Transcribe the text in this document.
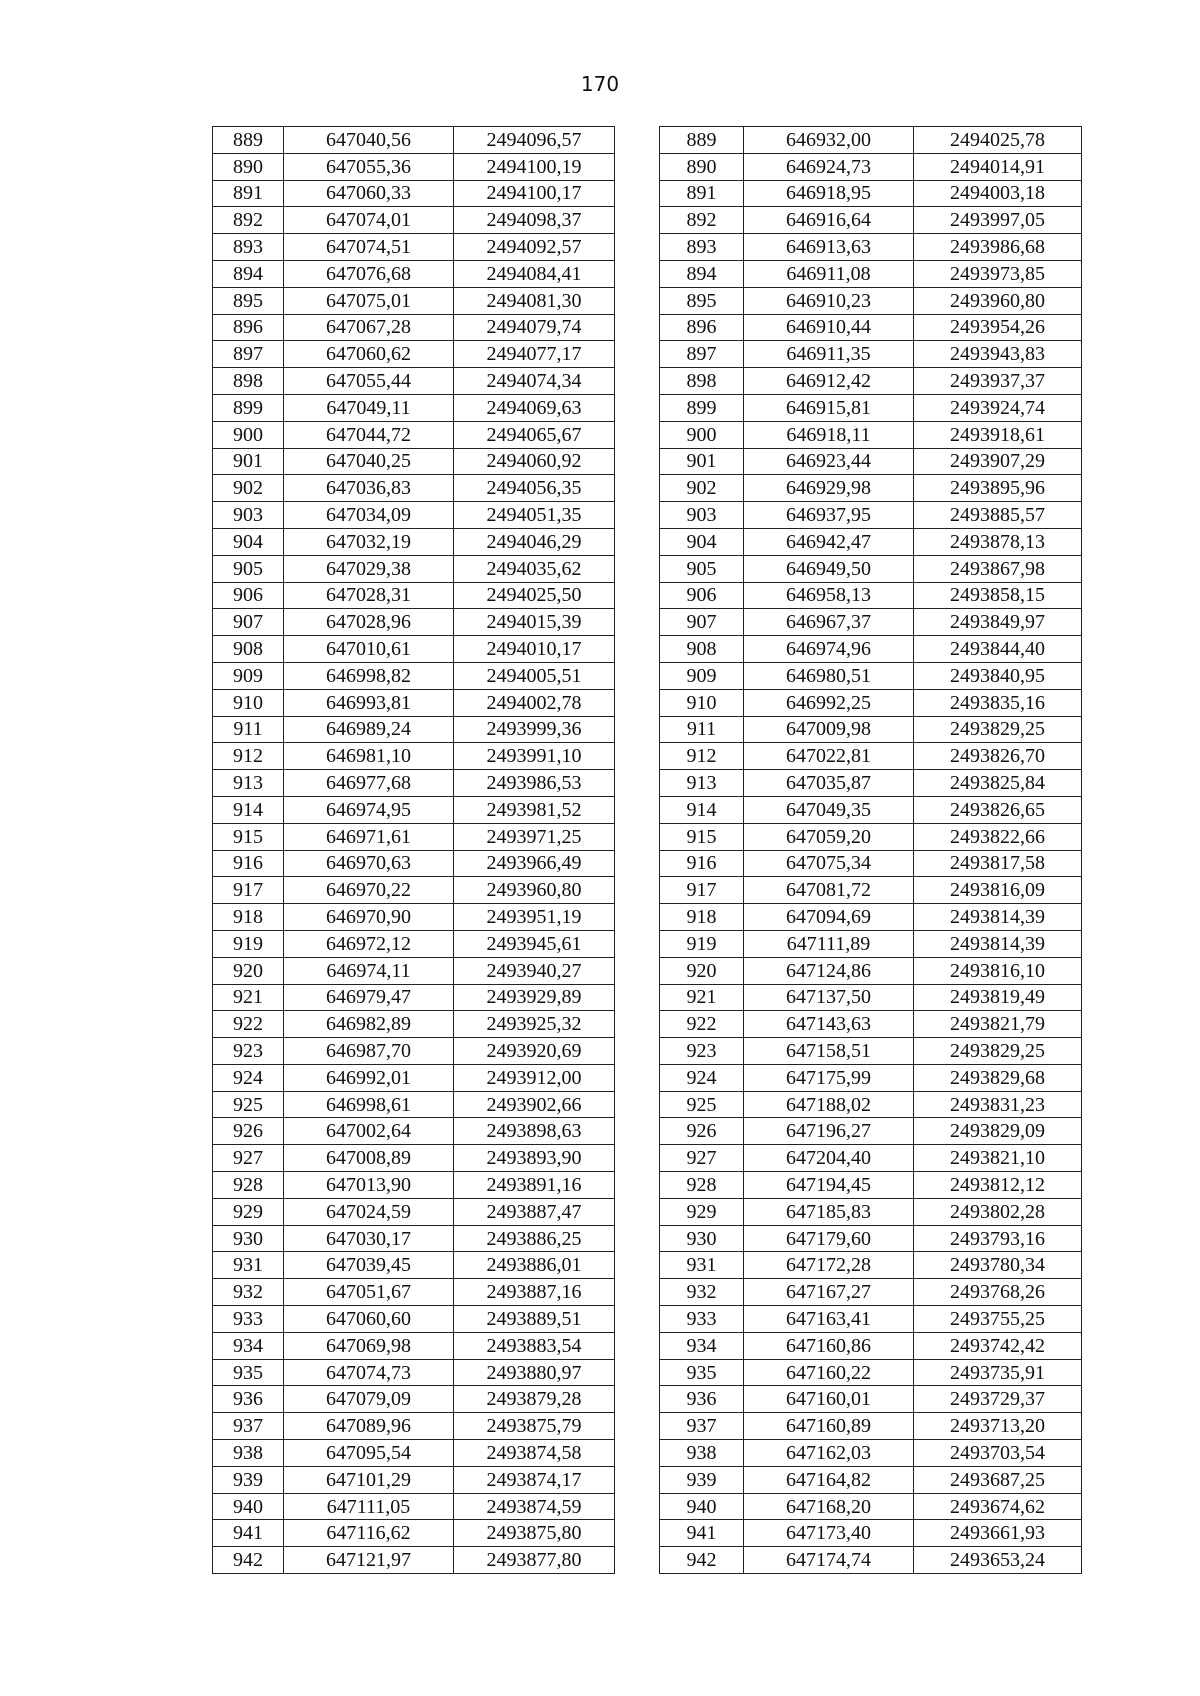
170
889	647040,56	2494096,57		889	646932,00	2494025,78
890	647055,36	2494100,19		890	646924,73	2494014,91
891	647060,33	2494100,17		891	646918,95	2494003,18
892	647074,01	2494098,37		892	646916,64	2493997,05
893	647074,51	2494092,57		893	646913,63	2493986,68
894	647076,68	2494084,41		894	646911,08	2493973,85
895	647075,01	2494081,30		895	646910,23	2493960,80
896	647067,28	2494079,74		896	646910,44	2493954,26
897	647060,62	2494077,17		897	646911,35	2493943,83
898	647055,44	2494074,34		898	646912,42	2493937,37
899	647049,11	2494069,63		899	646915,81	2493924,74
900	647044,72	2494065,67		900	646918,11	2493918,61
901	647040,25	2494060,92		901	646923,44	2493907,29
902	647036,83	2494056,35		902	646929,98	2493895,96
903	647034,09	2494051,35		903	646937,95	2493885,57
904	647032,19	2494046,29		904	646942,47	2493878,13
905	647029,38	2494035,62		905	646949,50	2493867,98
906	647028,31	2494025,50		906	646958,13	2493858,15
907	647028,96	2494015,39		907	646967,37	2493849,97
908	647010,61	2494010,17		908	646974,96	2493844,40
909	646998,82	2494005,51		909	646980,51	2493840,95
910	646993,81	2494002,78		910	646992,25	2493835,16
911	646989,24	2493999,36		911	647009,98	2493829,25
912	646981,10	2493991,10		912	647022,81	2493826,70
913	646977,68	2493986,53		913	647035,87	2493825,84
914	646974,95	2493981,52		914	647049,35	2493826,65
915	646971,61	2493971,25		915	647059,20	2493822,66
916	646970,63	2493966,49		916	647075,34	2493817,58
917	646970,22	2493960,80		917	647081,72	2493816,09
918	646970,90	2493951,19		918	647094,69	2493814,39
919	646972,12	2493945,61		919	647111,89	2493814,39
920	646974,11	2493940,27		920	647124,86	2493816,10
921	646979,47	2493929,89		921	647137,50	2493819,49
922	646982,89	2493925,32		922	647143,63	2493821,79
923	646987,70	2493920,69		923	647158,51	2493829,25
924	646992,01	2493912,00		924	647175,99	2493829,68
925	646998,61	2493902,66		925	647188,02	2493831,23
926	647002,64	2493898,63		926	647196,27	2493829,09
927	647008,89	2493893,90		927	647204,40	2493821,10
928	647013,90	2493891,16		928	647194,45	2493812,12
929	647024,59	2493887,47		929	647185,83	2493802,28
930	647030,17	2493886,25		930	647179,60	2493793,16
931	647039,45	2493886,01		931	647172,28	2493780,34
932	647051,67	2493887,16		932	647167,27	2493768,26
933	647060,60	2493889,51		933	647163,41	2493755,25
934	647069,98	2493883,54		934	647160,86	2493742,42
935	647074,73	2493880,97		935	647160,22	2493735,91
936	647079,09	2493879,28		936	647160,01	2493729,37
937	647089,96	2493875,79		937	647160,89	2493713,20
938	647095,54	2493874,58		938	647162,03	2493703,54
939	647101,29	2493874,17		939	647164,82	2493687,25
940	647111,05	2493874,59		940	647168,20	2493674,62
941	647116,62	2493875,80		941	647173,40	2493661,93
942	647121,97	2493877,80		942	647174,74	2493653,24
